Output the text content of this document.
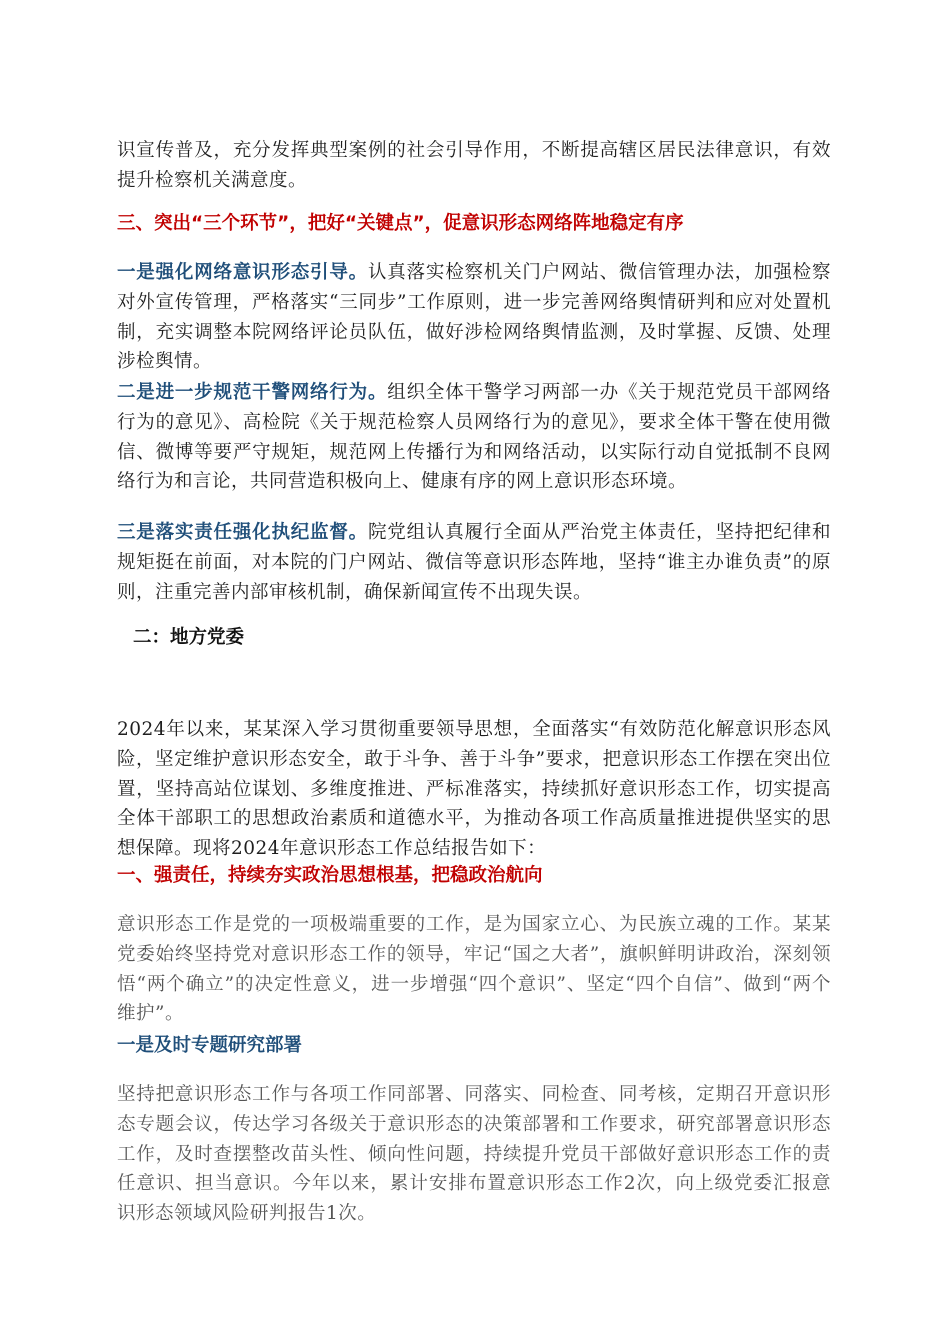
识宣传普及，充分发挥典型案例的社会引导作用，不断提高辖区居民法律意识，有效提升检察机关满意度。

三、突出“三个环节”，把好“关键点”，促意识形态网络阵地稳定有序

一是强化网络意识形态引导。认真落实检察机关门户网站、微信管理办法，加强检察对外宣传管理，严格落实“三同步”工作原则，进一步完善网络舆情研判和应对处置机制，充实调整本院网络评论员队伍，做好涉检网络舆情监测，及时掌握、反馈、处理涉检舆情。

二是进一步规范干警网络行为。组织全体干警学习两部一办《关于规范党员干部网络行为的意见》、高检院《关于规范检察人员网络行为的意见》，要求全体干警在使用微信、微博等要严守规矩，规范网上传播行为和网络活动，以实际行动自觉抵制不良网络行为和言论，共同营造积极向上、健康有序的网上意识形态环境。

三是落实责任强化执纪监督。院党组认真履行全面从严治党主体责任，坚持把纪律和规矩挺在前面，对本院的门户网站、微信等意识形态阵地，坚持“谁主办谁负责”的原则，注重完善内部审核机制，确保新闻宣传不出现失误。

二：地方党委

2024年以来，某某深入学习贯彻重要领导思想，全面落实“有效防范化解意识形态风险，坚定维护意识形态安全，敢于斗争、善于斗争”要求，把意识形态工作摆在突出位置，坚持高站位谋划、多维度推进、严标准落实，持续抓好意识形态工作，切实提高全体干部职工的思想政治素质和道德水平，为推动各项工作高质量推进提供坚实的思想保障。现将2024年意识形态工作总结报告如下：

一、强责任，持续夯实政治思想根基，把稳政治航向

意识形态工作是党的一项极端重要的工作，是为国家立心、为民族立魂的工作。某某党委始终坚持党对意识形态工作的领导，牢记“国之大者”，旗帜鲜明讲政治，深刻领悟“两个确立”的决定性意义，进一步增强“四个意识”、坚定“四个自信”、做到“两个维护”。

一是及时专题研究部署

坚持把意识形态工作与各项工作同部署、同落实、同检查、同考核，定期召开意识形态专题会议，传达学习各级关于意识形态的决策部署和工作要求，研究部署意识形态工作，及时查摆整改苗头性、倾向性问题，持续提升党员干部做好意识形态工作的责任意识、担当意识。今年以来，累计安排布置意识形态工作2次，向上级党委汇报意识形态领域风险研判报告1次。
